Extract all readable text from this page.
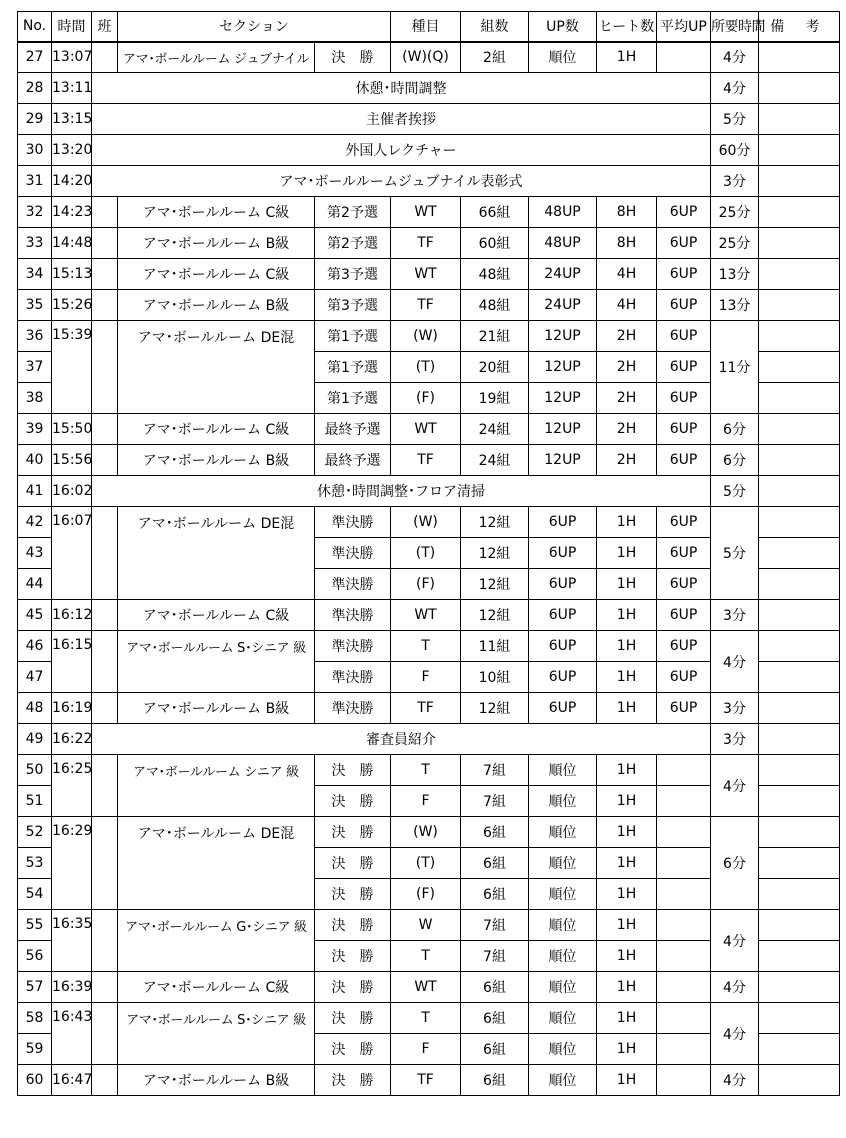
No.	時間	班	セクション		種目	組数	UP数	ヒート数	平均UP	所要時間	備 考
27	13:07		アマ･ボールルーム ジュブナイル	決　勝	(W)(Q)	2組	順位	1H		4分	
28	13:11	休憩･時間調整								4分	
29	13:15	主催者挨拶								5分	
30	13:20	外国人レクチャー								60分	
31	14:20	アマ･ボールルームジュブナイル表彰式								3分	
32	14:23		アマ･ボールルーム C級	第2予選	WT	66組	48UP	8H	6UP	25分	
33	14:48		アマ･ボールルーム B級	第2予選	TF	60組	48UP	8H	6UP	25分	
34	15:13		アマ･ボールルーム C級	第3予選	WT	48組	24UP	4H	6UP	13分	
35	15:26		アマ･ボールルーム B級	第3予選	TF	48組	24UP	4H	6UP	13分	
36	15:39		アマ･ボールルーム DE混	第1予選	(W)	21組	12UP	2H	6UP	11分	
37				第1予選	(T)	20組	12UP	2H	6UP		
38				第1予選	(F)	19組	12UP	2H	6UP		
39	15:50		アマ･ボールルーム C級	最終予選	WT	24組	12UP	2H	6UP	6分	
40	15:56		アマ･ボールルーム B級	最終予選	TF	24組	12UP	2H	6UP	6分	
41	16:02	休憩･時間調整･フロア清掃								5分	
42	16:07		アマ･ボールルーム DE混	準決勝	(W)	12組	6UP	1H	6UP	5分	
43				準決勝	(T)	12組	6UP	1H	6UP		
44				準決勝	(F)	12組	6UP	1H	6UP		
45	16:12		アマ･ボールルーム C級	準決勝	WT	12組	6UP	1H	6UP	3分	
46	16:15		アマ･ボールルーム S･シニア 級	準決勝	T	11組	6UP	1H	6UP	4分	
47				準決勝	F	10組	6UP	1H	6UP		
48	16:19		アマ･ボールルーム B級	準決勝	TF	12組	6UP	1H	6UP	3分	
49	16:22	審査員紹介								3分	
50	16:25		アマ･ボールルーム シニア 級	決　勝	T	7組	順位	1H		4分	
51				決　勝	F	7組	順位	1H			
52	16:29		アマ･ボールルーム DE混	決　勝	(W)	6組	順位	1H		6分	
53				決　勝	(T)	6組	順位	1H			
54				決　勝	(F)	6組	順位	1H			
55	16:35		アマ･ボールルーム G･シニア 級	決　勝	W	7組	順位	1H		4分	
56				決　勝	T	7組	順位	1H			
57	16:39		アマ･ボールルーム C級	決　勝	WT	6組	順位	1H		4分	
58	16:43		アマ･ボールルーム S･シニア 級	決　勝	T	6組	順位	1H		4分	
59				決　勝	F	6組	順位	1H			
60	16:47		アマ･ボールルーム B級	決　勝	TF	6組	順位	1H		4分	
